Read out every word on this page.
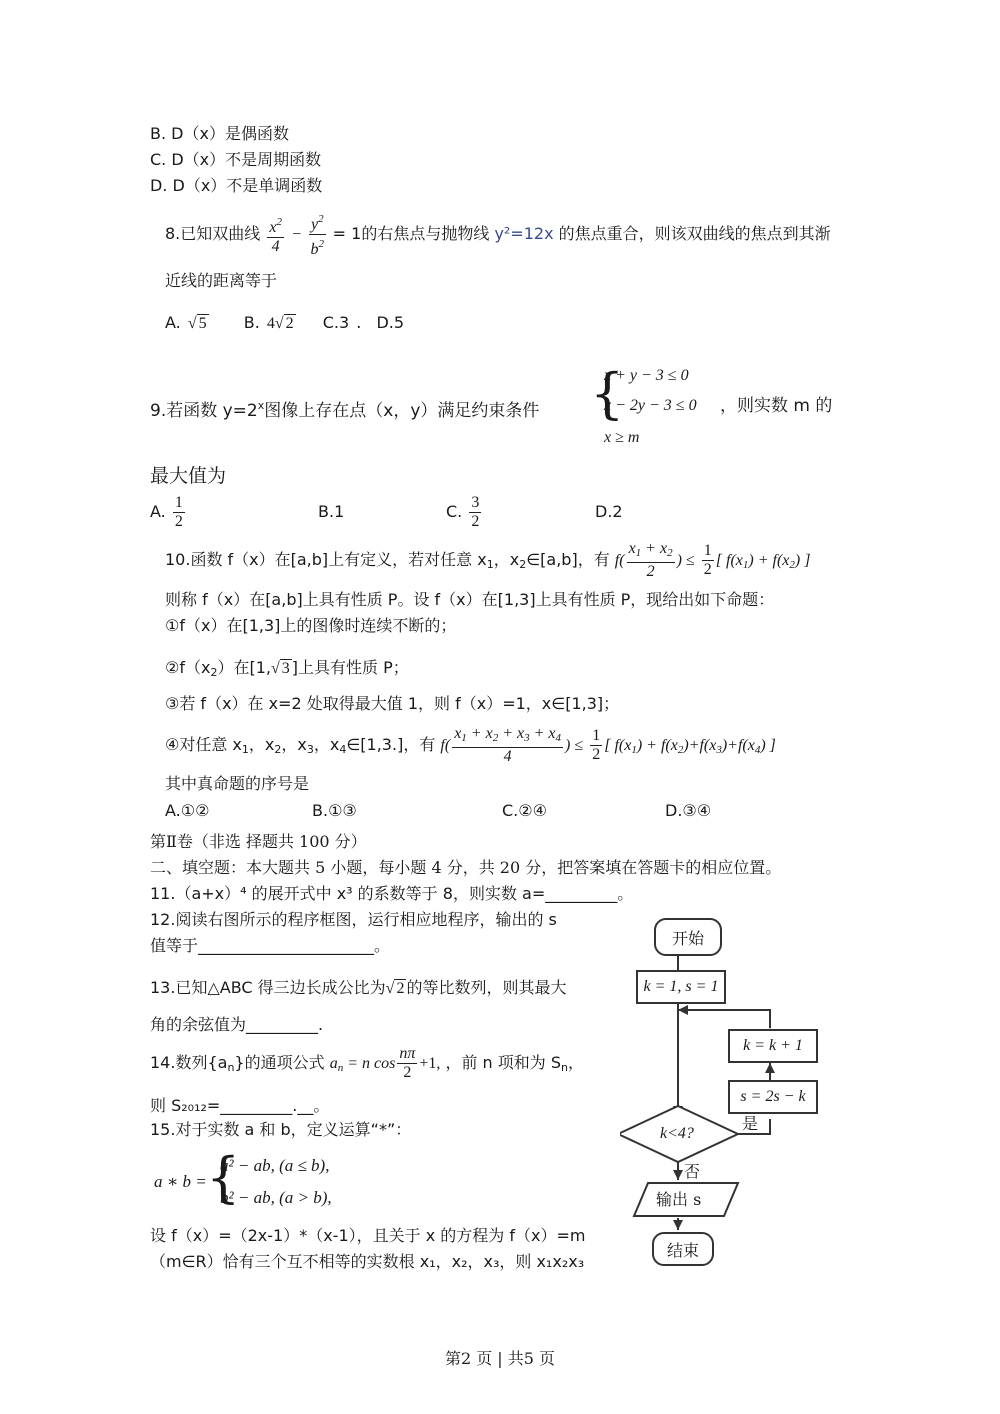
B. D（x）是偶函数
C. D（x）不是周期函数
D. D（x）不是单调函数
8.已知双曲线 $\frac{x^2}{4} - \frac{y^2}{b^2} = 1$的右焦点与抛物线 y²=12x 的焦点重合，则该双曲线的焦点到其渐
近线的距离等于
A. √ 5 B. 4√ 2 C.3 . D.5
9.若函数 $y=2^x$图像上存在点（x，y）满足约束条件 {
x + y − 3 ≤ 0
x − 2y − 3 ≤ 0
x ≥ m
，则实数 m 的
最大值为
A. $\frac{1}{2}$	B.1	C. $\frac{3}{2}$	D.2
10.函数 f（x）在[a,b]上有定义，若对任意 $x_1$，$x_2\in[a,b]$，有 $f( \frac{x_1 + x_2}{2}$ ) ≤ $\frac{1}{2}$ [ $f(x_1) + f(x_2)$ ]
则称 f（x）在[a,b]上具有性质 P。设 f（x）在[1,3]上具有性质 P，现给出如下命题：
①f（x）在[1,3]上的图像时连续不断的；
$②f(x_2)$在[1,√ 3 ]上具有性质 P；
③若 f（x）在 x=2 处取得最大值 1，则 f（x）=1，x∈[1,3]；
④对任意 $x_1$，$x_2$，$x_3$，$x_4\in[1,3.]$，有 $f( \frac{x_1 + x_2 + x_3 + x_4}{4}$ ) ≤ $\frac{1}{2}$ [ $f(x_1) + f(x_2)+f(x_3)+f(x_4)$ ]
其中真命题的序号是
A.①②	B.①③	C.②④	D.③④
第Ⅱ卷（非选 择题共 100 分）
二、填空题：本大题共 5 小题，每小题 4 分，共 20 分，把答案填在答题卡的相应位置。
11.（a+x）⁴ 的展开式中 x³ 的系数等于 8，则实数 a=_________。
12.阅读右图所示的程序框图，运行相应地程序，输出的 s
值等于______________________。
13.已知△ABC 得三边长成公比为√ 2 的等比数列，则其最大
角的余弦值为_________.
14.数列$\{a_n\}$的通项公式 $a_n = n$ $\cos \frac{n\pi}{2} +1$, ，前 n 项和为 $S_n$，
则 S₂₀₁₂=_________.__。
15.对于实数 a 和 b，定义运算“*”：
a ∗ b = {
a² − ab, (a ≤ b),
b² − ab, (a > b),
设 f（x）=（2x-1）*（x-1），且关于 x 的方程为 f（x）=m
（m∈R）恰有三个互不相等的实数根 x₁，x₂，x₃，则 x₁x₂x₃
开始
k = 1, s = 1
k = k + 1
s = 2s − k
k<4?
是
否
输出 s
结束
第2 页 | 共5 页
